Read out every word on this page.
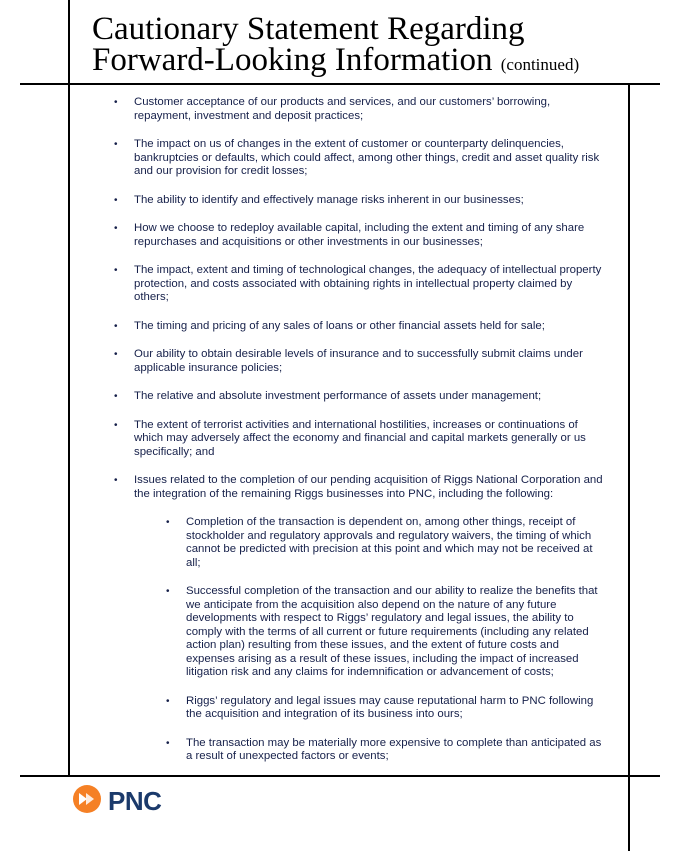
Cautionary Statement Regarding
Forward-Looking Information (continued)
• Customer acceptance of our products and services, and our customers’ borrowing, repayment, investment and deposit practices;
• The impact on us of changes in the extent of customer or counterparty delinquencies, bankruptcies or defaults, which could affect, among other things, credit and asset quality risk and our provision for credit losses;
• The ability to identify and effectively manage risks inherent in our businesses;
• How we choose to redeploy available capital, including the extent and timing of any share repurchases and acquisitions or other investments in our businesses;
• The impact, extent and timing of technological changes, the adequacy of intellectual property protection, and costs associated with obtaining rights in intellectual property claimed by others;
• The timing and pricing of any sales of loans or other financial assets held for sale;
• Our ability to obtain desirable levels of insurance and to successfully submit claims under applicable insurance policies;
• The relative and absolute investment performance of assets under management;
• The extent of terrorist activities and international hostilities, increases or continuations of which may adversely affect the economy and financial and capital markets generally or us specifically; and
• Issues related to the completion of our pending acquisition of Riggs National Corporation and the integration of the remaining Riggs businesses into PNC, including the following:
• Completion of the transaction is dependent on, among other things, receipt of stockholder and regulatory approvals and regulatory waivers, the timing of which cannot be predicted with precision at this point and which may not be received at all;
• Successful completion of the transaction and our ability to realize the benefits that we anticipate from the acquisition also depend on the nature of any future developments with respect to Riggs’ regulatory and legal issues, the ability to comply with the terms of all current or future requirements (including any related action plan) resulting from these issues, and the extent of future costs and expenses arising as a result of these issues, including the impact of increased litigation risk and any claims for indemnification or advancement of costs;
• Riggs’ regulatory and legal issues may cause reputational harm to PNC following the acquisition and integration of its business into ours;
• The transaction may be materially more expensive to complete than anticipated as a result of unexpected factors or events;
PNC
